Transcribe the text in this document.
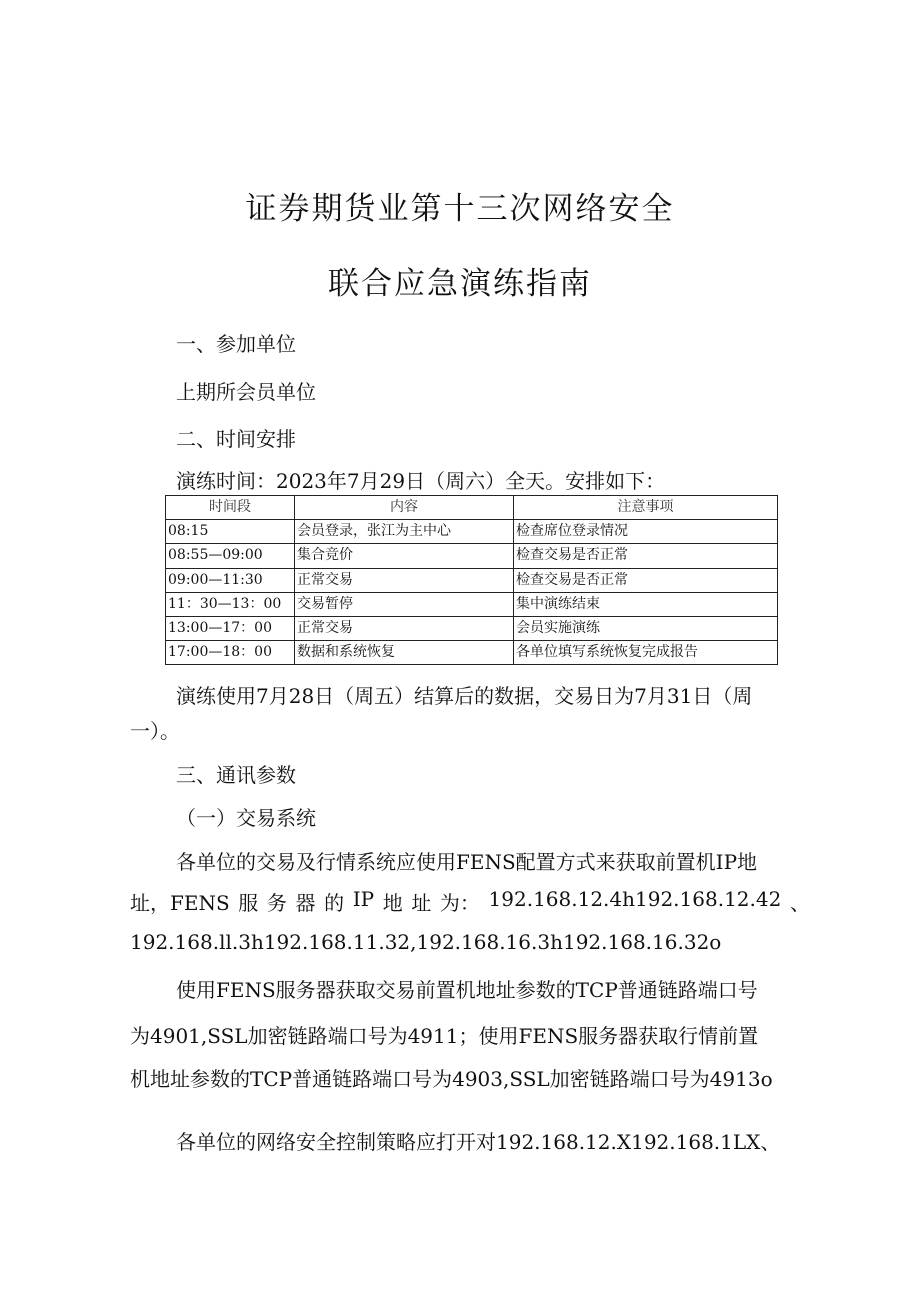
证券期货业第十三次网络安全
联合应急演练指南
一、参加单位
上期所会员单位
二、时间安排
演练时间：2023年7月29日（周六）全天。安排如下：
时间段	内容	注意事项
08:15	会员登录，张江为主中心	检查席位登录情况
08:55—09:00	集合竞价	检查交易是否正常
09:00—11:30	正常交易	检查交易是否正常
11：30—13：00	交易暂停	集中演练结束
13:00—17：00	正常交易	会员实施演练
17:00—18：00	数据和系统恢复	各单位填写系统恢复完成报告
演练使用7月28日（周五）结算后的数据，交易日为7月31日（周
一）。
三、通讯参数
（一）交易系统
各单位的交易及行情系统应使用FENS配置方式来获取前置机IP地
址，FENS 服 务 器 的 IP 地 址 为： 192.168.12.4h192.168.12.42 、
192.168.ll.3h192.168.11.32,192.168.16.3h192.168.16.32o
使用FENS服务器获取交易前置机地址参数的TCP普通链路端口号
为4901,SSL加密链路端口号为4911；使用FENS服务器获取行情前置
机地址参数的TCP普通链路端口号为4903,SSL加密链路端口号为4913o
各单位的网络安全控制策略应打开对192.168.12.X192.168.1LX、
